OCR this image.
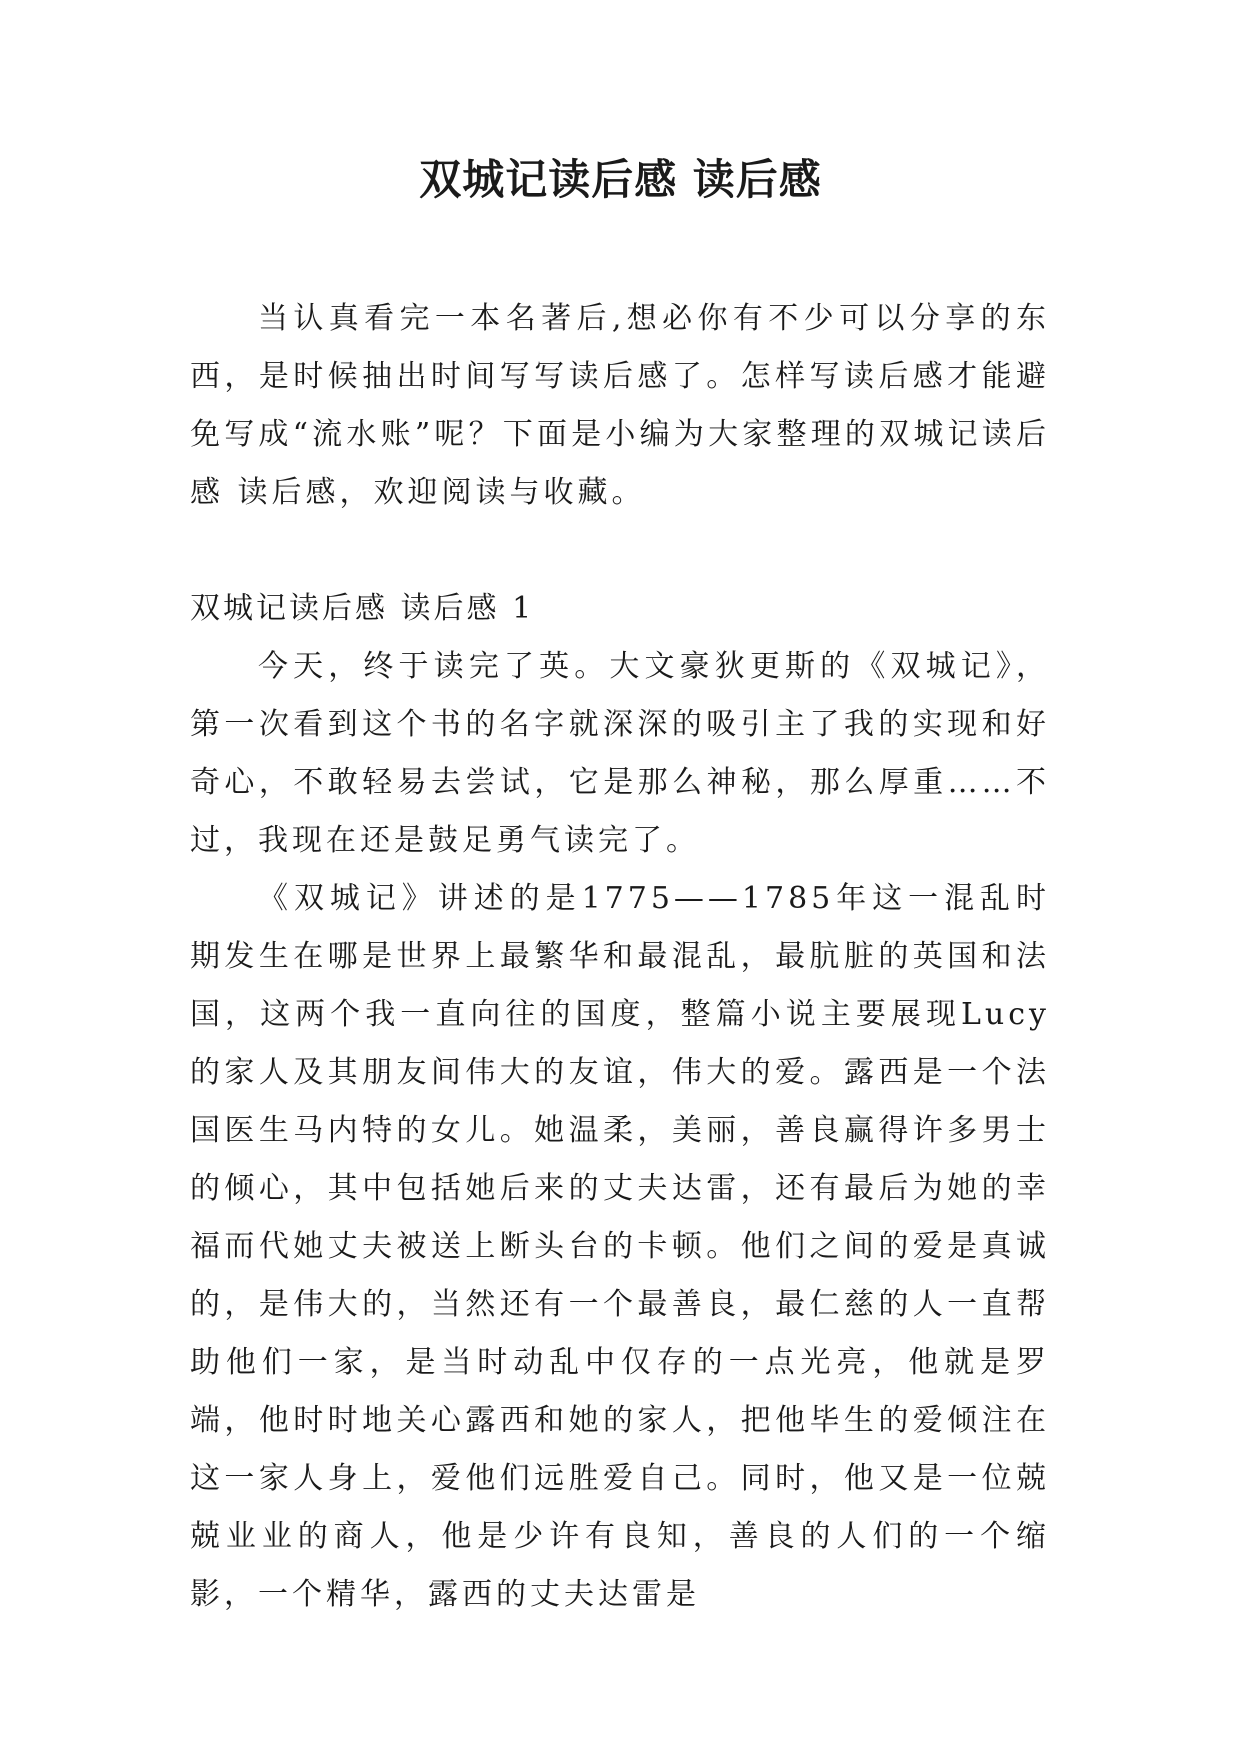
双城记读后感 读后感

当认真看完一本名著后,想必你有不少可以分享的东西，是时候抽出时间写写读后感了。怎样写读后感才能避免写成“流水账”呢？下面是小编为大家整理的双城记读后感 读后感，欢迎阅读与收藏。

双城记读后感 读后感 1

今天，终于读完了英。大文豪狄更斯的《双城记》，第一次看到这个书的名字就深深的吸引主了我的实现和好奇心，不敢轻易去尝试，它是那么神秘，那么厚重……不过，我现在还是鼓足勇气读完了。

《双城记》讲述的是1775——1785年这一混乱时期发生在哪是世界上最繁华和最混乱，最肮脏的英国和法国，这两个我一直向往的国度，整篇小说主要展现Lucy的家人及其朋友间伟大的友谊，伟大的爱。露西是一个法国医生马内特的女儿。她温柔，美丽，善良赢得许多男士的倾心，其中包括她后来的丈夫达雷，还有最后为她的幸福而代她丈夫被送上断头台的卡顿。他们之间的爱是真诚的，是伟大的，当然还有一个最善良，最仁慈的人一直帮助他们一家，是当时动乱中仅存的一点光亮，他就是罗端，他时时地关心露西和她的家人，把他毕生的爱倾注在这一家人身上，爱他们远胜爱自己。同时，他又是一位兢兢业业的商人，他是少许有良知，善良的人们的一个缩影，一个精华，露西的丈夫达雷是
